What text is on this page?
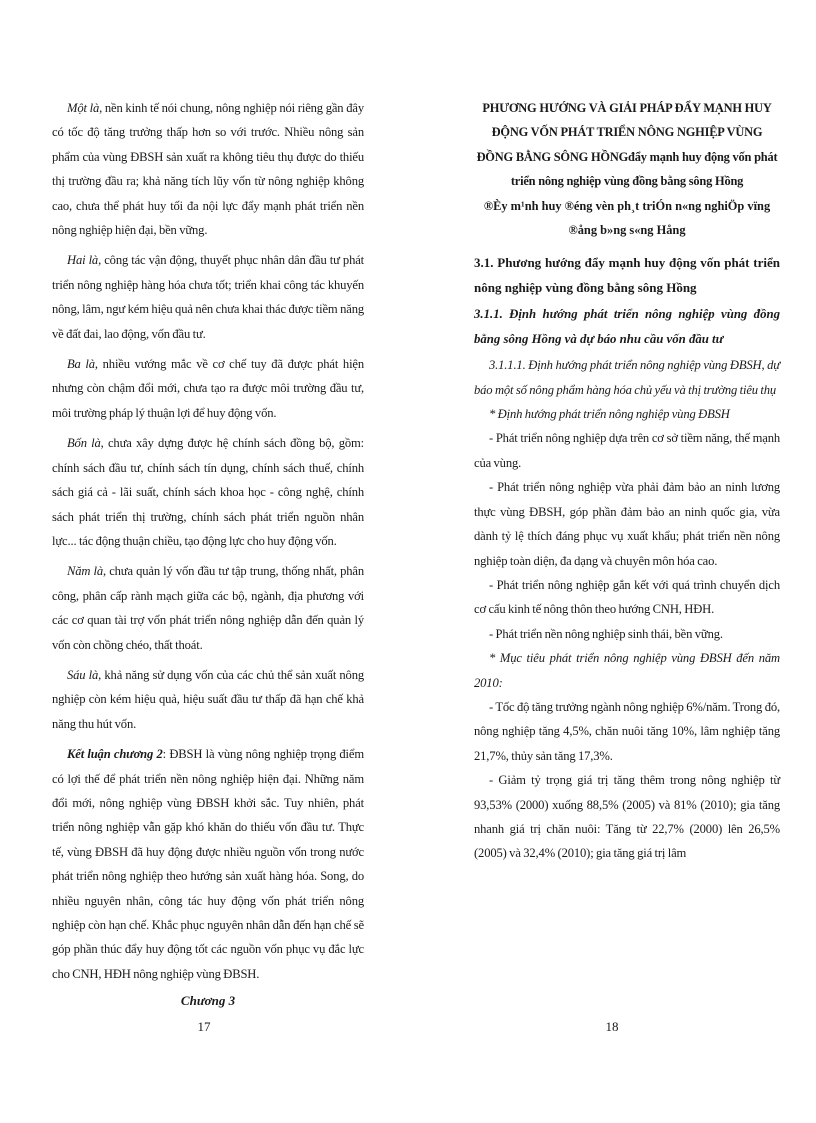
Một là, nền kinh tế nói chung, nông nghiệp nói riêng gần đây có tốc độ tăng trưởng thấp hơn so với trước. Nhiều nông sản phẩm của vùng ĐBSH sản xuất ra không tiêu thụ được do thiếu thị trường đầu ra; khả năng tích lũy vốn từ nông nghiệp không cao, chưa thể phát huy tối đa nội lực đẩy mạnh phát triển nền nông nghiệp hiện đại, bền vững.

Hai là, công tác vận động, thuyết phục nhân dân đầu tư phát triển nông nghiệp hàng hóa chưa tốt; triển khai công tác khuyến nông, lâm, ngư kém hiệu quả nên chưa khai thác được tiềm năng về đất đai, lao động, vốn đầu tư.

Ba là, nhiều vướng mắc về cơ chế tuy đã được phát hiện nhưng còn chậm đổi mới, chưa tạo ra được môi trường đầu tư, môi trường pháp lý thuận lợi để huy động vốn.

Bốn là, chưa xây dựng được hệ chính sách đồng bộ, gồm: chính sách đầu tư, chính sách tín dụng, chính sách thuế, chính sách giá cả - lãi suất, chính sách khoa học - công nghệ, chính sách phát triển thị trường, chính sách phát triển nguồn nhân lực... tác động thuận chiều, tạo động lực cho huy động vốn.

Năm là, chưa quản lý vốn đầu tư tập trung, thống nhất, phân công, phân cấp rành mạch giữa các bộ, ngành, địa phương với các cơ quan tài trợ vốn phát triển nông nghiệp dẫn đến quản lý vốn còn chồng chéo, thất thoát.

Sáu là, khả năng sử dụng vốn của các chủ thể sản xuất nông nghiệp còn kém hiệu quả, hiệu suất đầu tư thấp đã hạn chế khả năng thu hút vốn.

Kết luận chương 2: ĐBSH là vùng nông nghiệp trọng điểm có lợi thế để phát triển nền nông nghiệp hiện đại. Những năm đổi mới, nông nghiệp vùng ĐBSH khởi sắc. Tuy nhiên, phát triển nông nghiệp vẫn gặp khó khăn do thiếu vốn đầu tư. Thực tế, vùng ĐBSH đã huy động được nhiều nguồn vốn trong nước phát triển nông nghiệp theo hướng sản xuất hàng hóa. Song, do nhiều nguyên nhân, công tác huy động vốn phát triển nông nghiệp còn hạn chế. Khắc phục nguyên nhân dẫn đến hạn chế sẽ góp phần thúc đẩy huy động tốt các nguồn vốn phục vụ đắc lực cho CNH, HĐH nông nghiệp vùng ĐBSH.

Chương 3
17
PHƯƠNG HƯỚNG VÀ GIẢI PHÁP ĐẨY MẠNH HUY ĐỘNG VỐN PHÁT TRIỂN NÔNG NGHIỆP VÙNG ĐỒNG BẰNG SÔNG HỒNGđẩy mạnh huy động vốn phát triển nông nghiệp vùng đồng bằng sông Hồng
®Èy m¹nh huy ®éng vèn ph¸t triÓn n«ng nghiÖp vïng ®ång b»ng s«ng Hång
3.1. Phương hướng đẩy mạnh huy động vốn phát triển nông nghiệp vùng đồng bằng sông Hồng
3.1.1. Định hướng phát triển nông nghiệp vùng đồng bằng sông Hồng và dự báo nhu cầu vốn đầu tư

3.1.1.1. Định hướng phát triển nông nghiệp vùng ĐBSH, dự báo một số nông phẩm hàng hóa chủ yếu và thị trường tiêu thụ

* Định hướng phát triển nông nghiệp vùng ĐBSH

- Phát triển nông nghiệp dựa trên cơ sở tiềm năng, thế mạnh của vùng.

- Phát triển nông nghiệp vừa phải đảm bảo an ninh lương thực vùng ĐBSH, góp phần đảm bảo an ninh quốc gia, vừa dành tỷ lệ thích đáng phục vụ xuất khẩu; phát triển nền nông nghiệp toàn diện, đa dạng và chuyên môn hóa cao.

- Phát triển nông nghiệp gắn kết với quá trình chuyển dịch cơ cấu kinh tế nông thôn theo hướng CNH, HĐH.

- Phát triển nền nông nghiệp sinh thái, bền vững.

* Mục tiêu phát triển nông nghiệp vùng ĐBSH đến năm 2010:

- Tốc độ tăng trưởng ngành nông nghiệp 6%/năm. Trong đó, nông nghiệp tăng 4,5%, chăn nuôi tăng 10%, lâm nghiệp tăng 21,7%, thủy sản tăng 17,3%.

- Giảm tỷ trọng giá trị tăng thêm trong nông nghiệp từ 93,53% (2000) xuống 88,5% (2005) và 81% (2010); gia tăng nhanh giá trị chăn nuôi: Tăng từ 22,7% (2000) lên 26,5% (2005) và 32,4% (2010); gia tăng giá trị lâm

18
